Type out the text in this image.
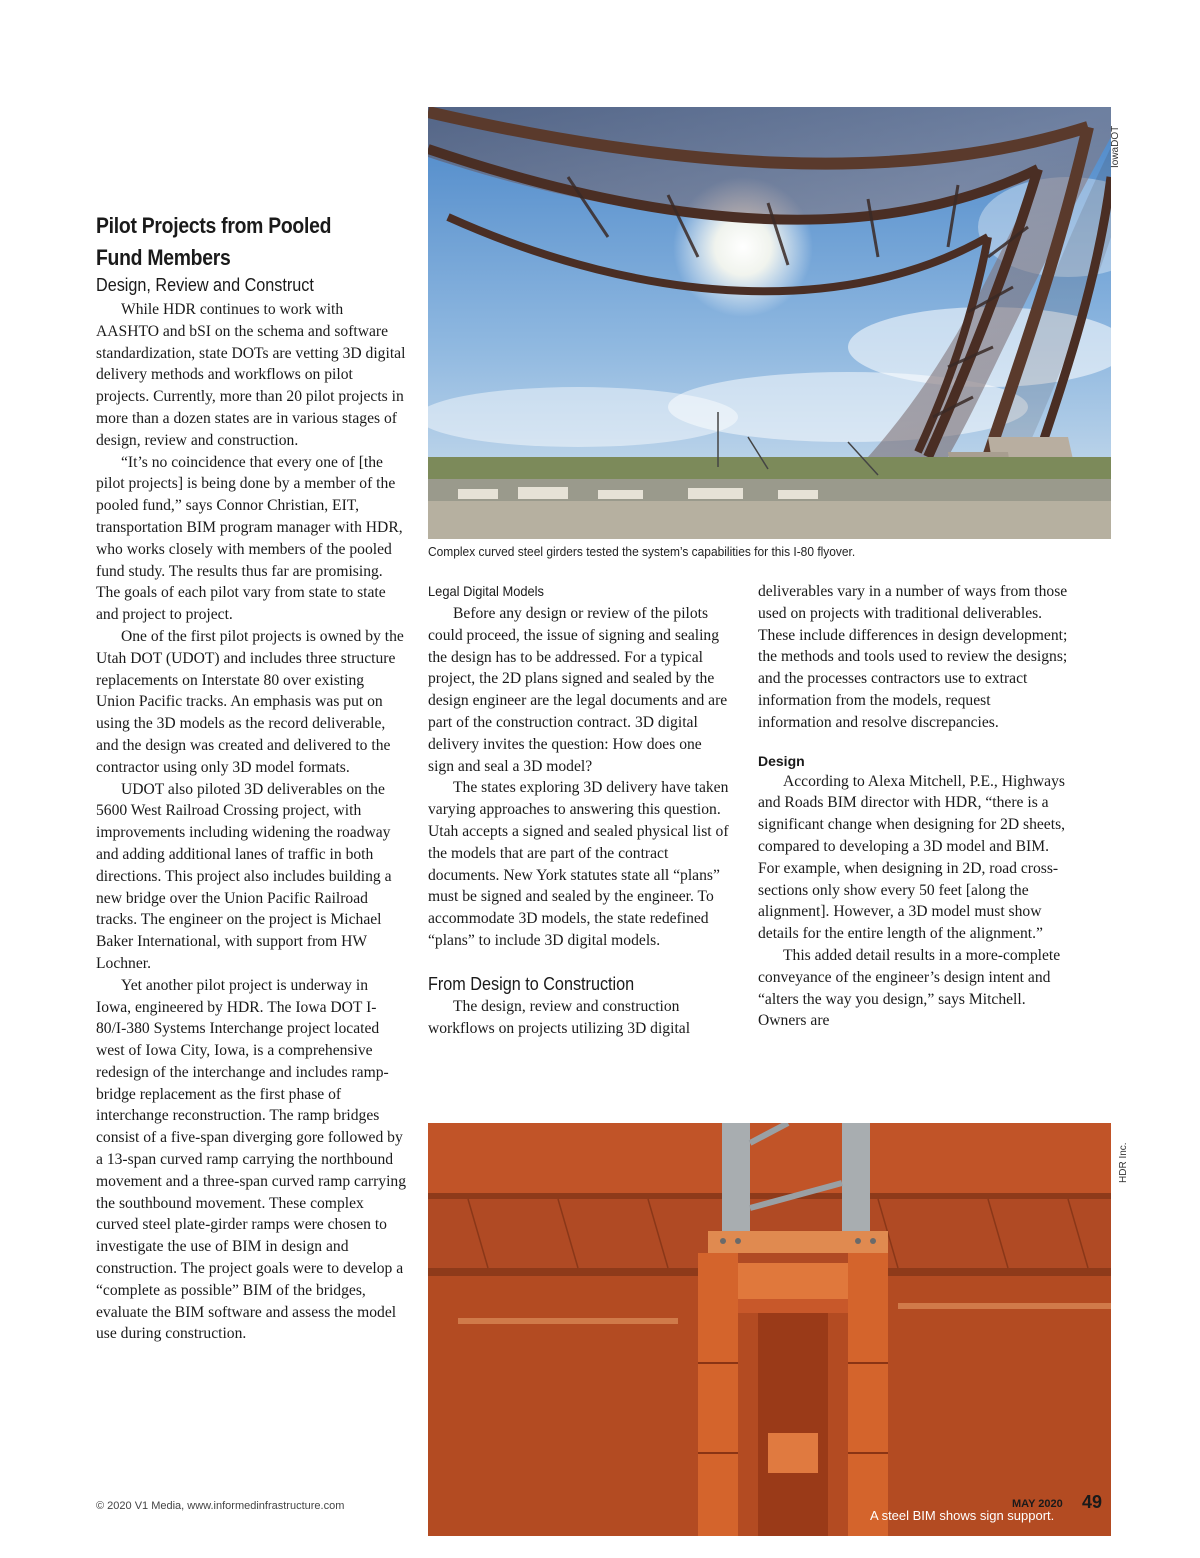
Pilot Projects from Pooled Fund Members
Design, Review and Construct

While HDR continues to work with AASHTO and bSI on the schema and software standardization, state DOTs are vetting 3D digital delivery methods and workflows on pilot projects. Currently, more than 20 pilot projects in more than a dozen states are in various stages of design, review and construction.

“It’s no coincidence that every one of [the pilot projects] is being done by a member of the pooled fund,” says Connor Christian, EIT, transportation BIM program manager with HDR, who works closely with members of the pooled fund study. The results thus far are promising. The goals of each pilot vary from state to state and project to project.

One of the first pilot projects is owned by the Utah DOT (UDOT) and includes three structure replacements on Interstate 80 over existing Union Pacific tracks. An emphasis was put on using the 3D models as the record deliverable, and the design was created and delivered to the contractor using only 3D model formats.

UDOT also piloted 3D deliverables on the 5600 West Railroad Crossing project, with improvements including widening the roadway and adding additional lanes of traffic in both directions. This project also includes building a new bridge over the Union Pacific Railroad tracks. The engineer on the project is Michael Baker International, with support from HW Lochner.

Yet another pilot project is underway in Iowa, engineered by HDR. The Iowa DOT I-80/I-380 Systems Interchange project located west of Iowa City, Iowa, is a comprehensive redesign of the interchange and includes ramp-bridge replacement as the first phase of interchange reconstruction. The ramp bridges consist of a five-span diverging gore followed by a 13-span curved ramp carrying the northbound movement and a three-span curved ramp carrying the southbound movement. These complex curved steel plate-girder ramps were chosen to investigate the use of BIM in design and construction. The project goals were to develop a “complete as possible” BIM of the bridges, evaluate the BIM software and assess the model use during construction.

IowaDOT
Complex curved steel girders tested the system’s capabilities for this I-80 flyover.
Legal Digital Models

Before any design or review of the pilots could proceed, the issue of signing and sealing the design has to be addressed. For a typical project, the 2D plans signed and sealed by the design engineer are the legal documents and are part of the construction contract. 3D digital delivery invites the question: How does one sign and seal a 3D model?

The states exploring 3D delivery have taken varying approaches to answering this question. Utah accepts a signed and sealed physical list of the models that are part of the contract documents. New York statutes state all “plans” must be signed and sealed by the engineer. To accommodate 3D models, the state redefined “plans” to include 3D digital models.

From Design to Construction

The design, review and construction workflows on projects utilizing 3D digital

deliverables vary in a number of ways from those used on projects with traditional deliverables. These include differences in design development; the methods and tools used to review the designs; and the processes contractors use to extract information from the models, request information and resolve discrepancies.

Design

According to Alexa Mitchell, P.E., Highways and Roads BIM director with HDR, “there is a significant change when designing for 2D sheets, compared to developing a 3D model and BIM. For example, when designing in 2D, road cross-sections only show every 50 feet [along the alignment]. However, a 3D model must show details for the entire length of the alignment.”

This added detail results in a more-complete conveyance of the engineer’s design intent and “alters the way you design,” says Mitchell. Owners are

HDR Inc.
A steel BIM shows sign support.
© 2020 V1 Media, www.informedinfrastructure.com	MAY 2020	49
